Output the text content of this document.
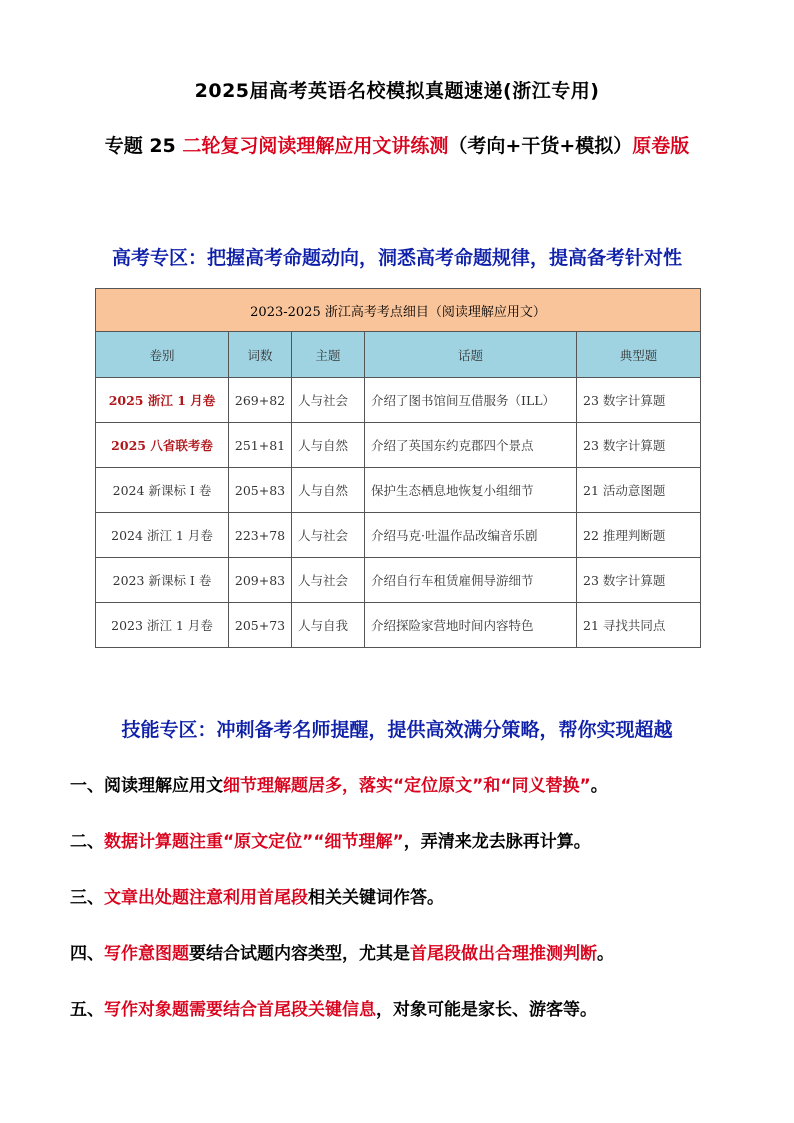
2025届高考英语名校模拟真题速递(浙江专用)
专题 25 二轮复习阅读理解应用文讲练测（考向+干货+模拟）原卷版
高考专区：把握高考命题动向，洞悉高考命题规律，提高备考针对性
2023-2025 浙江高考考点细目（阅读理解应用文）				
卷别	词数	主题	话题	典型题
2025 浙江 1 月卷	269+82	人与社会	介绍了图书馆间互借服务（ILL）	23 数字计算题
2025 八省联考卷	251+81	人与自然	介绍了英国东约克郡四个景点	23 数字计算题
2024 新课标 I 卷	205+83	人与自然	保护生态栖息地恢复小组细节	21 活动意图题
2024 浙江 1 月卷	223+78	人与社会	介绍马克·吐温作品改编音乐剧	22 推理判断题
2023 新课标 I 卷	209+83	人与社会	介绍自行车租赁雇佣导游细节	23 数字计算题
2023 浙江 1 月卷	205+73	人与自我	介绍探险家营地时间内容特色	21 寻找共同点
技能专区：冲刺备考名师提醒，提供高效满分策略，帮你实现超越
一、阅读理解应用文细节理解题居多，落实“定位原文”和“同义替换”。
二、数据计算题注重“原文定位”“细节理解”，弄清来龙去脉再计算。
三、文章出处题注意利用首尾段相关关键词作答。
四、写作意图题要结合试题内容类型，尤其是首尾段做出合理推测判断。
五、写作对象题需要结合首尾段关键信息，对象可能是家长、游客等。
